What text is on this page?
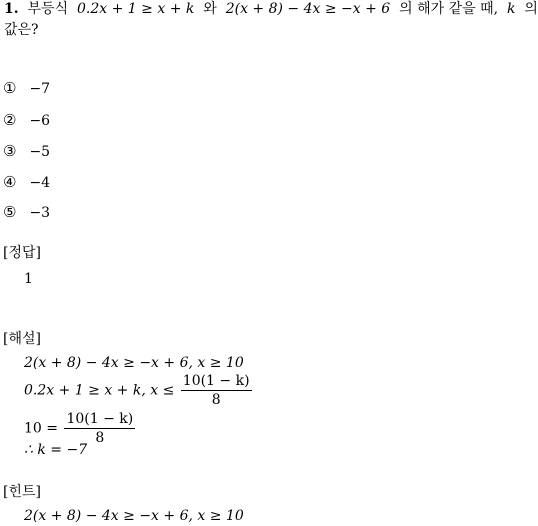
1. 부등식 0.2x + 1 ≥ x + k 와 2(x + 8) − 4x ≥ −x + 6 의 해가 같을 때, k 의
값은?
① −7
② −6
③ −5
④ −4
⑤ −3
[정답]
1
[해설]
2(x + 8) − 4x ≥ −x + 6, x ≥ 10
0.2x + 1 ≥ x + k, $x \le \frac{10(1 - k)}{8}$
$10 = \frac{10(1 - k)}{8}$
∴ k = −7
[힌트]
2(x + 8) − 4x ≥ −x + 6, x ≥ 10
